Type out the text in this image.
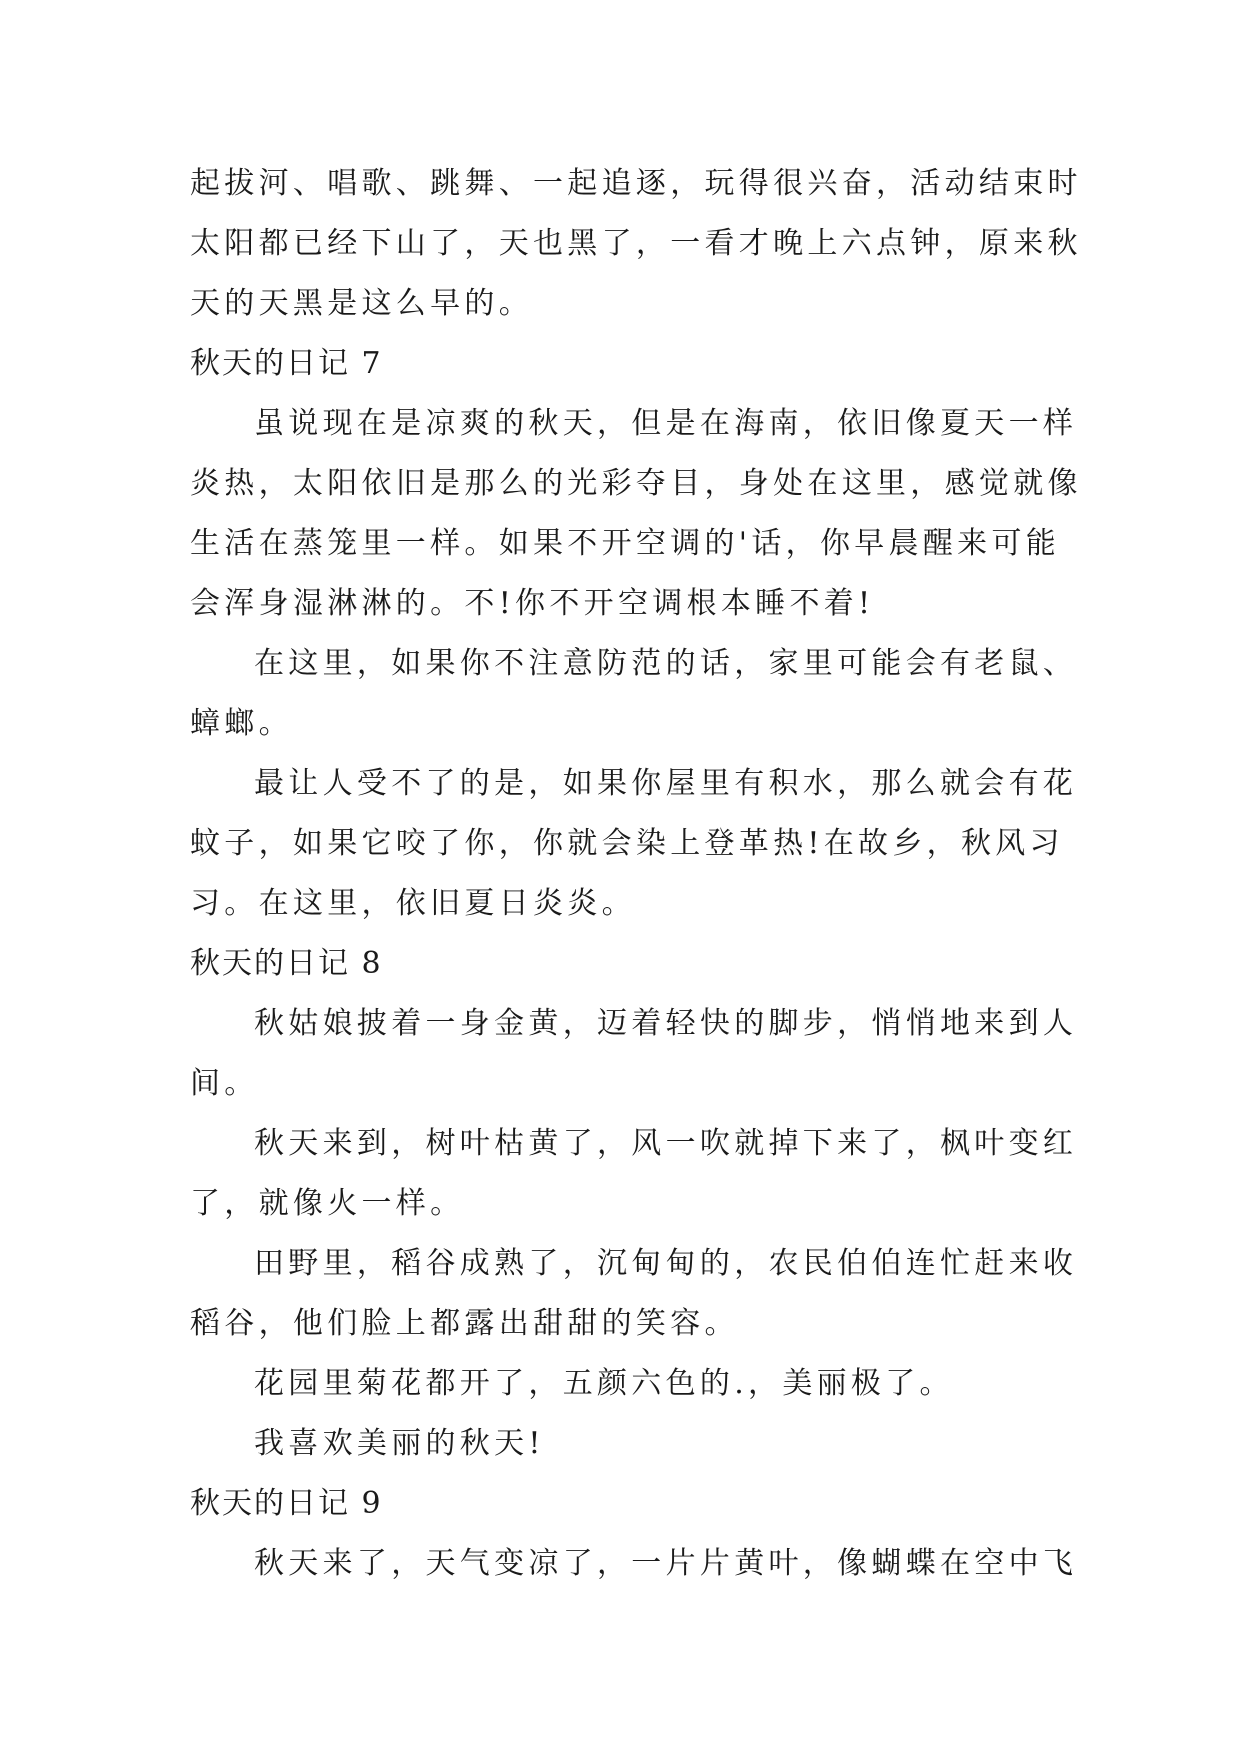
起拔河、唱歌、跳舞、一起追逐，玩得很兴奋，活动结束时
太阳都已经下山了，天也黑了，一看才晚上六点钟，原来秋
天的天黑是这么早的。
秋天的日记 7
虽说现在是凉爽的秋天，但是在海南，依旧像夏天一样
炎热，太阳依旧是那么的光彩夺目，身处在这里，感觉就像
生活在蒸笼里一样。如果不开空调的'话，你早晨醒来可能
会浑身湿淋淋的。不!你不开空调根本睡不着!
在这里，如果你不注意防范的话，家里可能会有老鼠、
蟑螂。
最让人受不了的是，如果你屋里有积水，那么就会有花
蚊子，如果它咬了你，你就会染上登革热!在故乡，秋风习
习。在这里，依旧夏日炎炎。
秋天的日记 8
秋姑娘披着一身金黄，迈着轻快的脚步，悄悄地来到人
间。
秋天来到，树叶枯黄了，风一吹就掉下来了，枫叶变红
了，就像火一样。
田野里，稻谷成熟了，沉甸甸的，农民伯伯连忙赶来收
稻谷，他们脸上都露出甜甜的笑容。
花园里菊花都开了，五颜六色的.，美丽极了。
我喜欢美丽的秋天!
秋天的日记 9
秋天来了，天气变凉了，一片片黄叶，像蝴蝶在空中飞
